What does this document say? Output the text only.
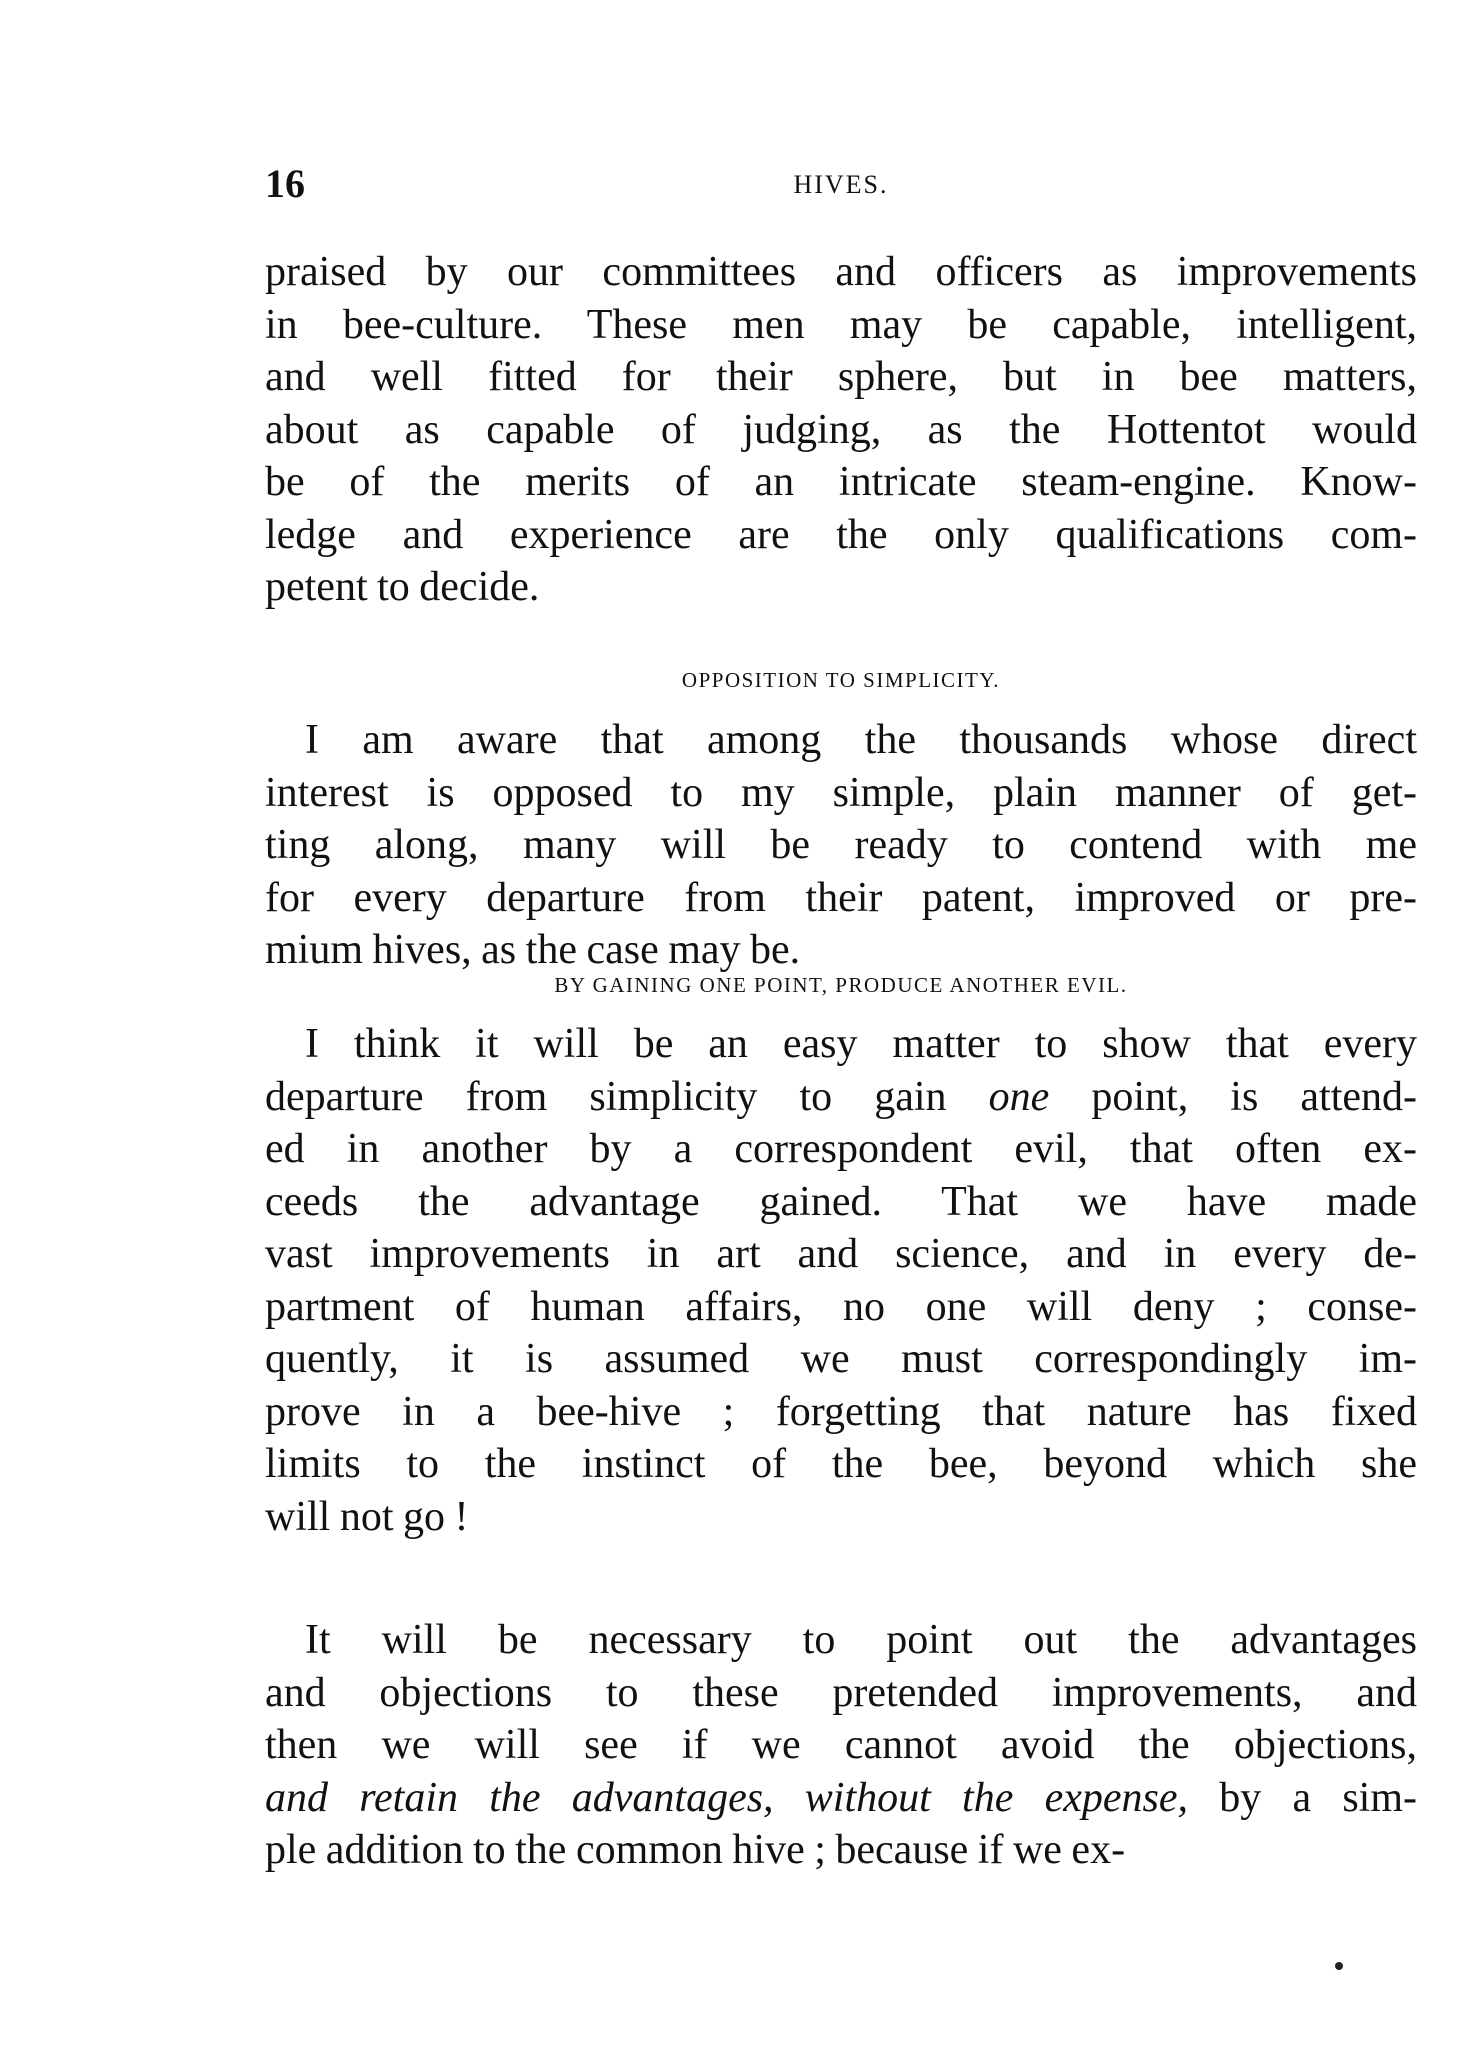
16	HIVES.
praised by our committees and officers as improvements
in bee-culture. These men may be capable, intelligent,
and well fitted for their sphere, but in bee matters,
about as capable of judging, as the Hottentot would
be of the merits of an intricate steam-engine. Know-
ledge and experience are the only qualifications com-
petent to decide.
OPPOSITION TO SIMPLICITY.
I am aware that among the thousands whose direct
interest is opposed to my simple, plain manner of get-
ting along, many will be ready to contend with me
for every departure from their patent, improved or pre-
mium hives, as the case may be.
BY GAINING ONE POINT, PRODUCE ANOTHER EVIL.
I think it will be an easy matter to show that every
departure from simplicity to gain one point, is attend-
ed in another by a correspondent evil, that often ex-
ceeds the advantage gained. That we have made
vast improvements in art and science, and in every de-
partment of human affairs, no one will deny ; conse-
quently, it is assumed we must correspondingly im-
prove in a bee-hive ; forgetting that nature has fixed
limits to the instinct of the bee, beyond which she
will not go !
It will be necessary to point out the advantages
and objections to these pretended improvements, and
then we will see if we cannot avoid the objections,
and retain the advantages, without the expense, by a sim-
ple addition to the common hive ; because if we ex-
